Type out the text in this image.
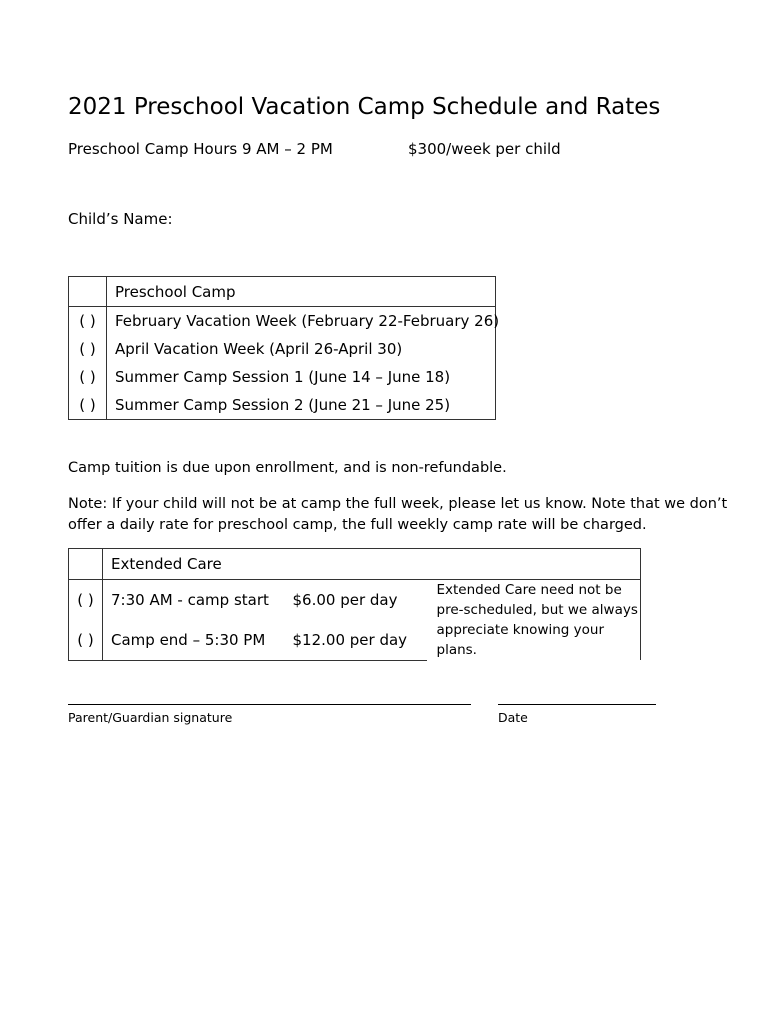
2021 Preschool Vacation Camp Schedule and Rates
Preschool Camp Hours 9 AM – 2 PM	$300/week per child
Child’s Name:
	Preschool Camp
( )	February Vacation Week (February 22-February 26)
( )	April Vacation Week (April 26-April 30)
( )	Summer Camp Session 1 (June 14 – June 18)
( )	Summer Camp Session 2 (June 21 – June 25)
Camp tuition is due upon enrollment, and is non-refundable.
Note: If your child will not be at camp the full week, please let us know. Note that we don’t
offer a daily rate for preschool camp, the full weekly camp rate will be charged.
	Extended Care		
( )	7:30 AM - camp start	$6.00 per day	Extended Care need not be pre-scheduled, but we always appreciate knowing your plans.
( )	Camp end – 5:30 PM	$12.00 per day	
Parent/Guardian signature	Date
